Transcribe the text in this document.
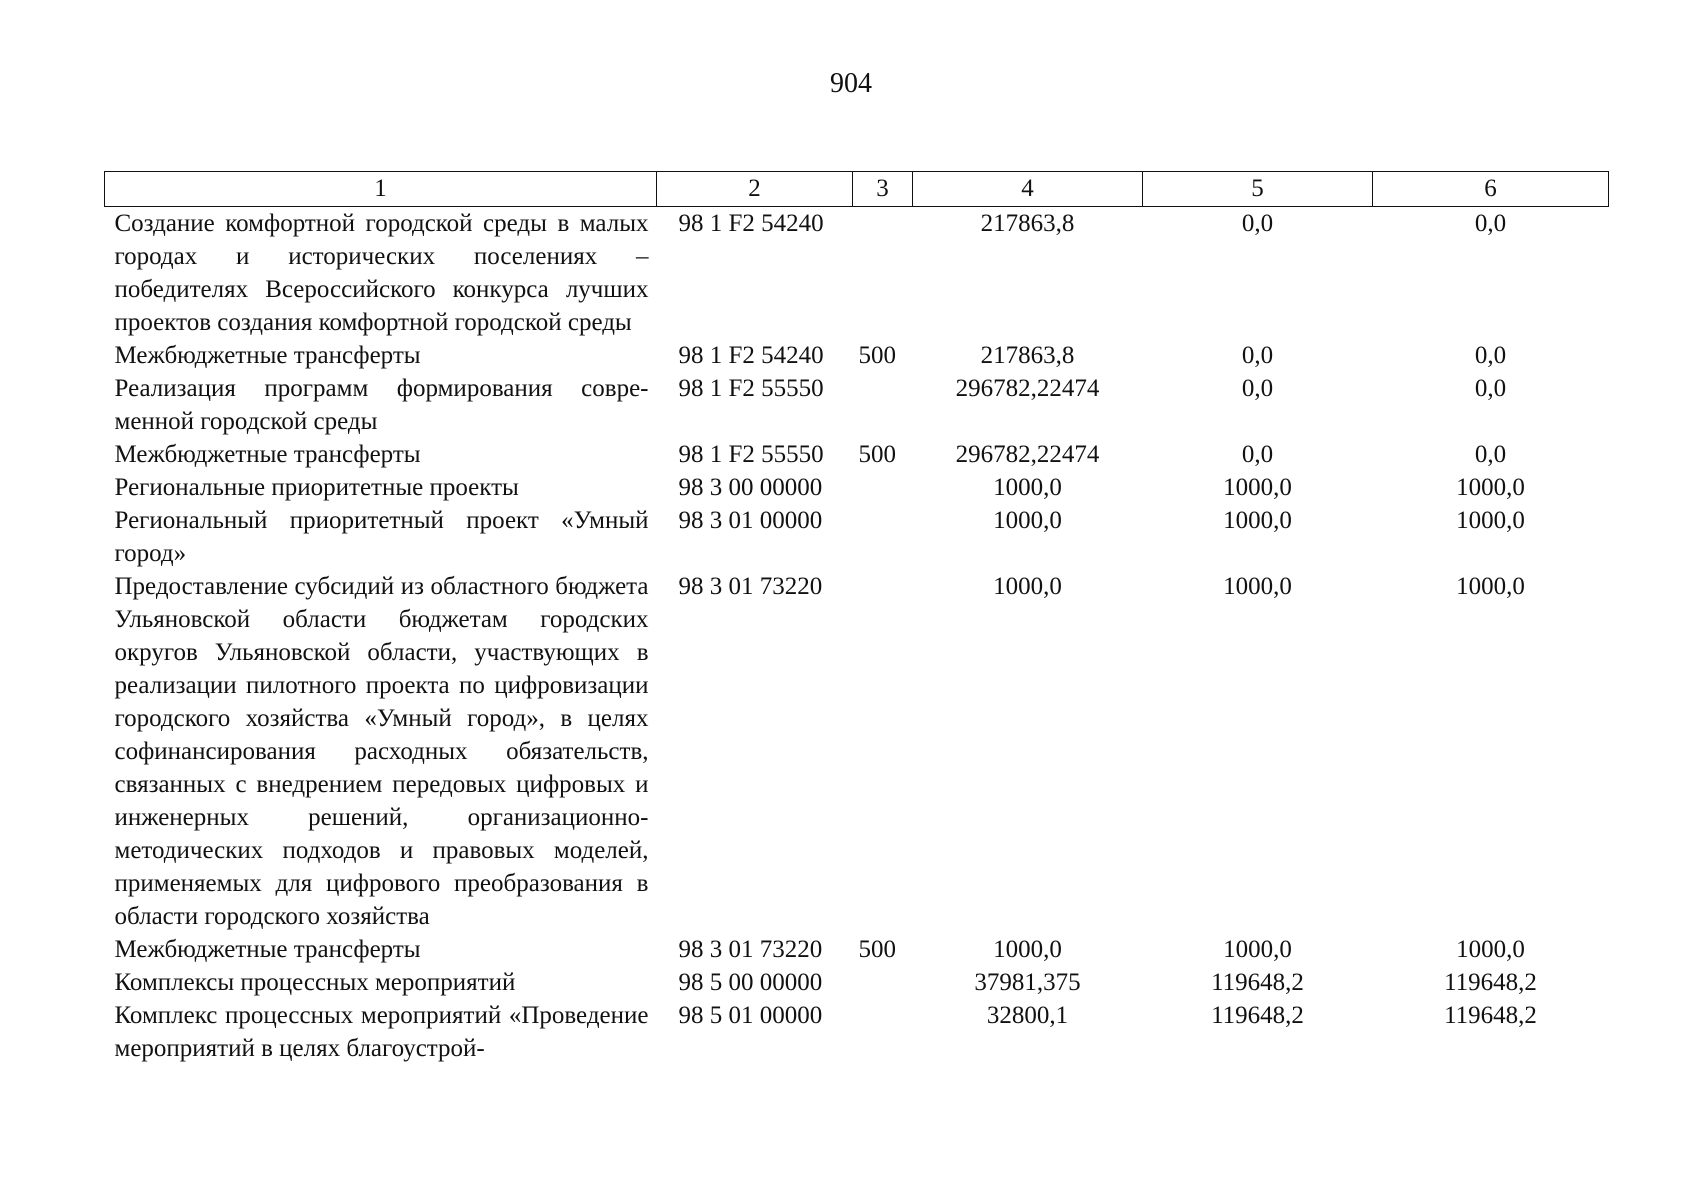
904
1	2	3	4	5	6
Создание комфортной городской среды в малых городах и исторических поселениях – победителях Всероссийского конкурса лучших проектов создания комфортной городской среды	98 1 F2 54240		217863,8	0,0	0,0
Межбюджетные трансферты	98 1 F2 54240	500	217863,8	0,0	0,0
Реализация программ формирования современной городской среды	98 1 F2 55550		296782,22474	0,0	0,0
Межбюджетные трансферты	98 1 F2 55550	500	296782,22474	0,0	0,0
Региональные приоритетные проекты	98 3 00 00000		1000,0	1000,0	1000,0
Региональный приоритетный проект «Умный город»	98 3 01 00000		1000,0	1000,0	1000,0
Предоставление субсидий из областного бюджета Ульяновской области бюджетам городских округов Ульяновской области, участвующих в реализации пилотного проекта по цифровизации городского хозяйства «Умный город», в целях софинансирования расходных обязательств, связанных с внедрением передовых цифровых и инженерных решений, организационно-методических подходов и правовых моделей, применяемых для цифрового преобразования в области городского хозяйства	98 3 01 73220		1000,0	1000,0	1000,0
Межбюджетные трансферты	98 3 01 73220	500	1000,0	1000,0	1000,0
Комплексы процессных мероприятий	98 5 00 00000		37981,375	119648,2	119648,2
Комплекс процессных мероприятий «Проведение мероприятий в целях благоустрой-	98 5 01 00000		32800,1	119648,2	119648,2
